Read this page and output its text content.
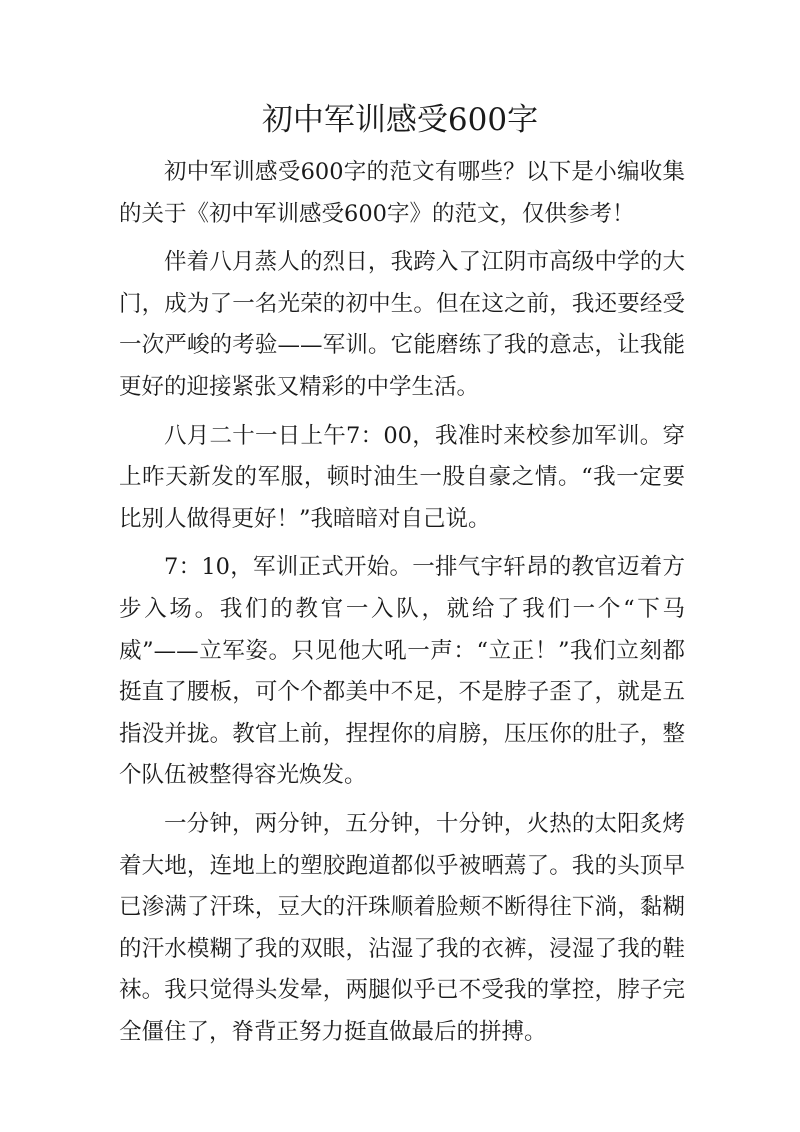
初中军训感受600字

初中军训感受600字的范文有哪些？以下是小编收集的关于《初中军训感受600字》的范文，仅供参考！

伴着八月蒸人的烈日，我跨入了江阴市高级中学的大门，成为了一名光荣的初中生。但在这之前，我还要经受一次严峻的考验——军训。它能磨练了我的意志，让我能更好的迎接紧张又精彩的中学生活。

八月二十一日上午7：00，我准时来校参加军训。穿上昨天新发的军服，顿时油生一股自豪之情。“我一定要比别人做得更好！”我暗暗对自己说。

7：10，军训正式开始。一排气宇轩昂的教官迈着方步入场。我们的教官一入队，就给了我们一个“下马威”——立军姿。只见他大吼一声：“立正！”我们立刻都挺直了腰板，可个个都美中不足，不是脖子歪了，就是五指没并拢。教官上前，捏捏你的肩膀，压压你的肚子，整个队伍被整得容光焕发。

一分钟，两分钟，五分钟，十分钟，火热的太阳炙烤着大地，连地上的塑胶跑道都似乎被晒蔫了。我的头顶早已渗满了汗珠，豆大的汗珠顺着脸颊不断得往下淌，黏糊的汗水模糊了我的双眼，沾湿了我的衣裤，浸湿了我的鞋袜。我只觉得头发晕，两腿似乎已不受我的掌控，脖子完全僵住了，脊背正努力挺直做最后的拼搏。
